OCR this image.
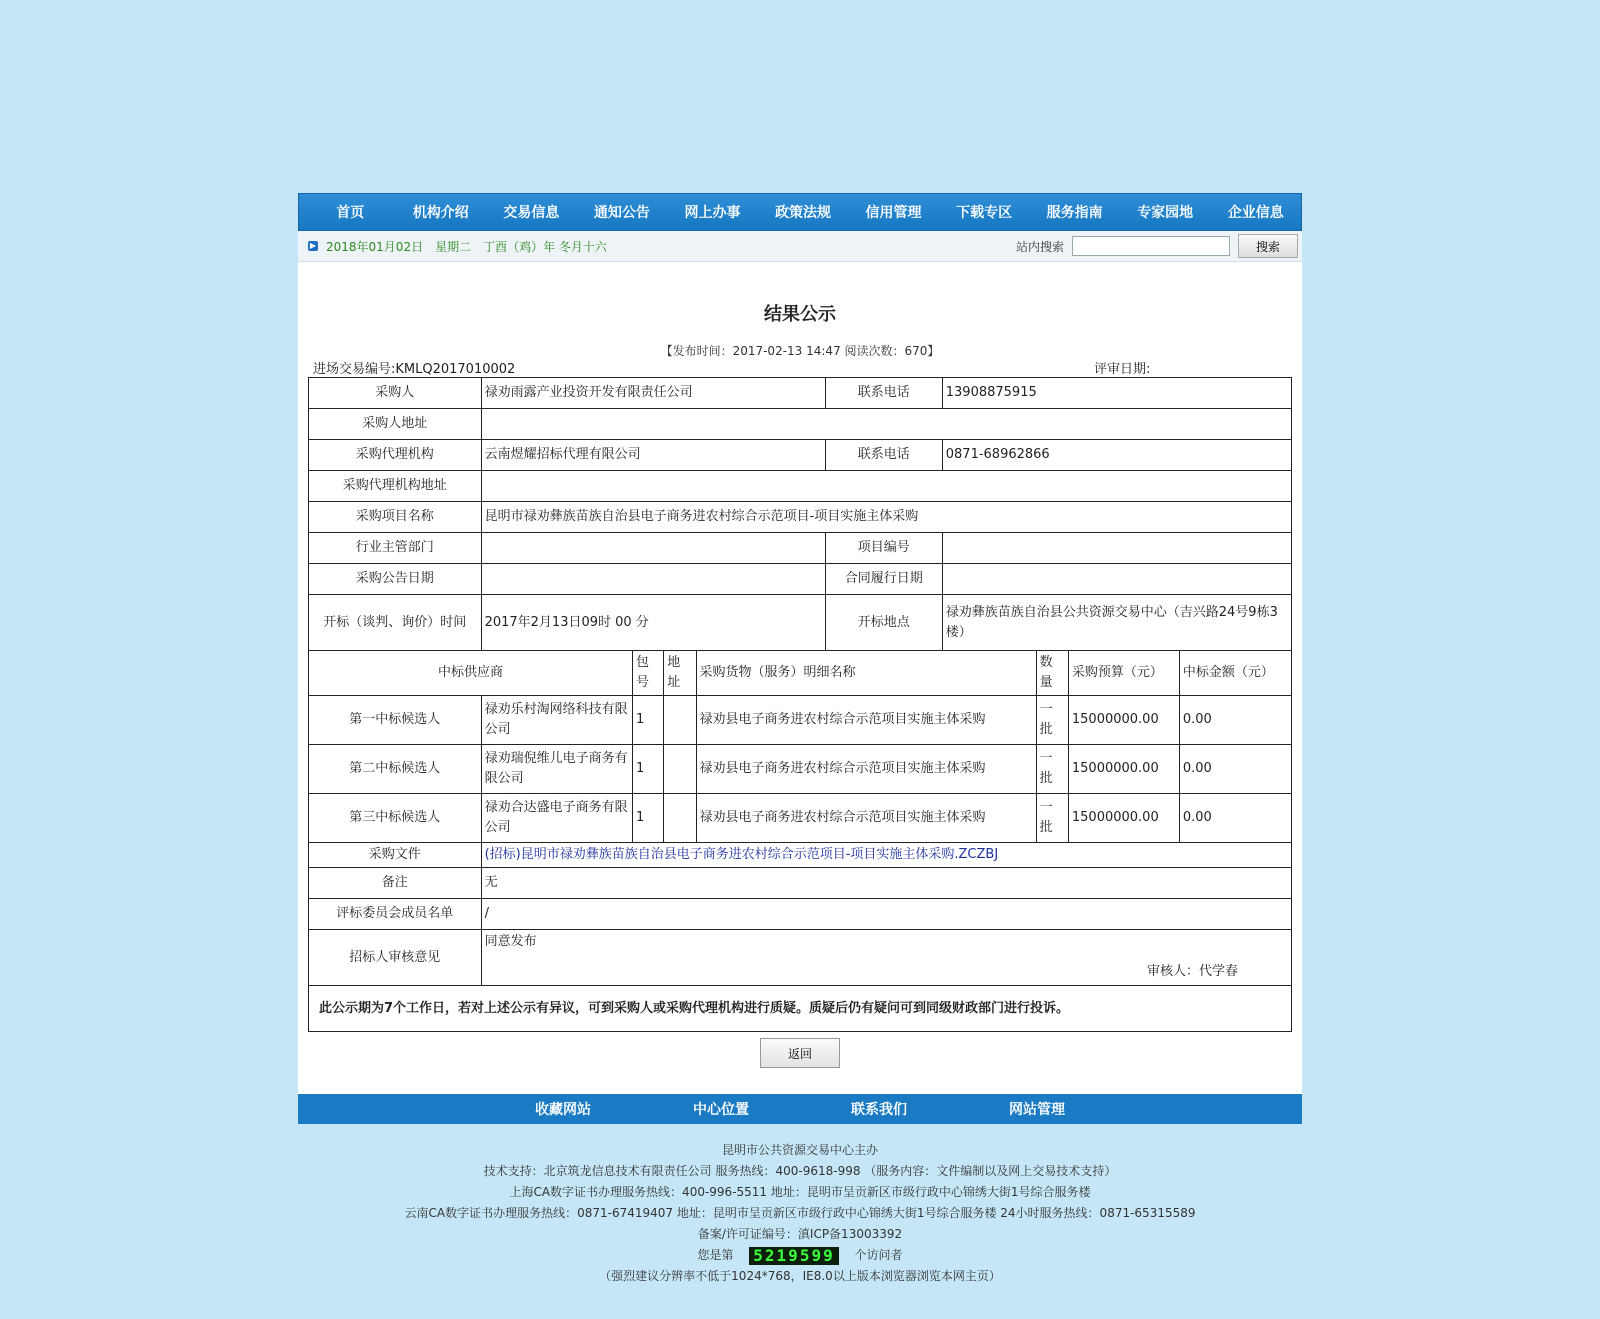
首页	机构介绍	交易信息	通知公告	网上办事	政策法规	信用管理	下载专区	服务指南	专家园地	企业信息
▶ 2018年01月02日　星期二　丁酉（鸡）年 冬月十六	站内搜索	搜索
结果公示
【发布时间：2017-02-13 14:47 阅读次数：670】
进场交易编号:KMLQ2017010002	评审日期:
采购人	禄劝雨露产业投资开发有限责任公司				联系电话	13908875915			
采购人地址									
采购代理机构	云南煜耀招标代理有限公司				联系电话	0871-68962866			
采购代理机构地址									
采购项目名称	昆明市禄劝彝族苗族自治县电子商务进农村综合示范项目-项目实施主体采购								
行业主管部门					项目编号				
采购公告日期					合同履行日期				
开标（谈判、询价）时间	2017年2月13日09时 00 分				开标地点	禄劝彝族苗族自治县公共资源交易中心（吉兴路24号9栋3楼）			
中标供应商		包号	地址	采购货物（服务）明细名称			数量	采购预算（元）	中标金额（元）
第一中标候选人	禄劝乐村淘网络科技有限公司	1		禄劝县电子商务进农村综合示范项目实施主体采购			一批	15000000.00	0.00
第二中标候选人	禄劝瑞倪维儿电子商务有限公司	1		禄劝县电子商务进农村综合示范项目实施主体采购			一批	15000000.00	0.00
第三中标候选人	禄劝合达盛电子商务有限公司	1		禄劝县电子商务进农村综合示范项目实施主体采购			一批	15000000.00	0.00
采购文件	(招标)昆明市禄劝彝族苗族自治县电子商务进农村综合示范项目-项目实施主体采购.ZCZBJ								
备注	无								
评标委员会成员名单	/								
招标人审核意见	同意发布
审核人：代学春								

此公示期为7个工作日，若对上述公示有异议，可到采购人或采购代理机构进行质疑。质疑后仍有疑问可到同级财政部门进行投诉。									
返回
收藏网站	中心位置	联系我们	网站管理
昆明市公共资源交易中心主办
技术支持：北京筑龙信息技术有限责任公司 服务热线：400-9618-998 （服务内容：文件编制以及网上交易技术支持）
上海CA数字证书办理服务热线：400-996-5511 地址：昆明市呈贡新区市级行政中心锦绣大街1号综合服务楼
云南CA数字证书办理服务热线：0871-67419407 地址：昆明市呈贡新区市级行政中心锦绣大街1号综合服务楼 24小时服务热线：0871-65315589
备案/许可证编号：滇ICP备13003392
您是第 5219599 个访问者
（强烈建议分辨率不低于1024*768，IE8.0以上版本浏览器浏览本网主页）
